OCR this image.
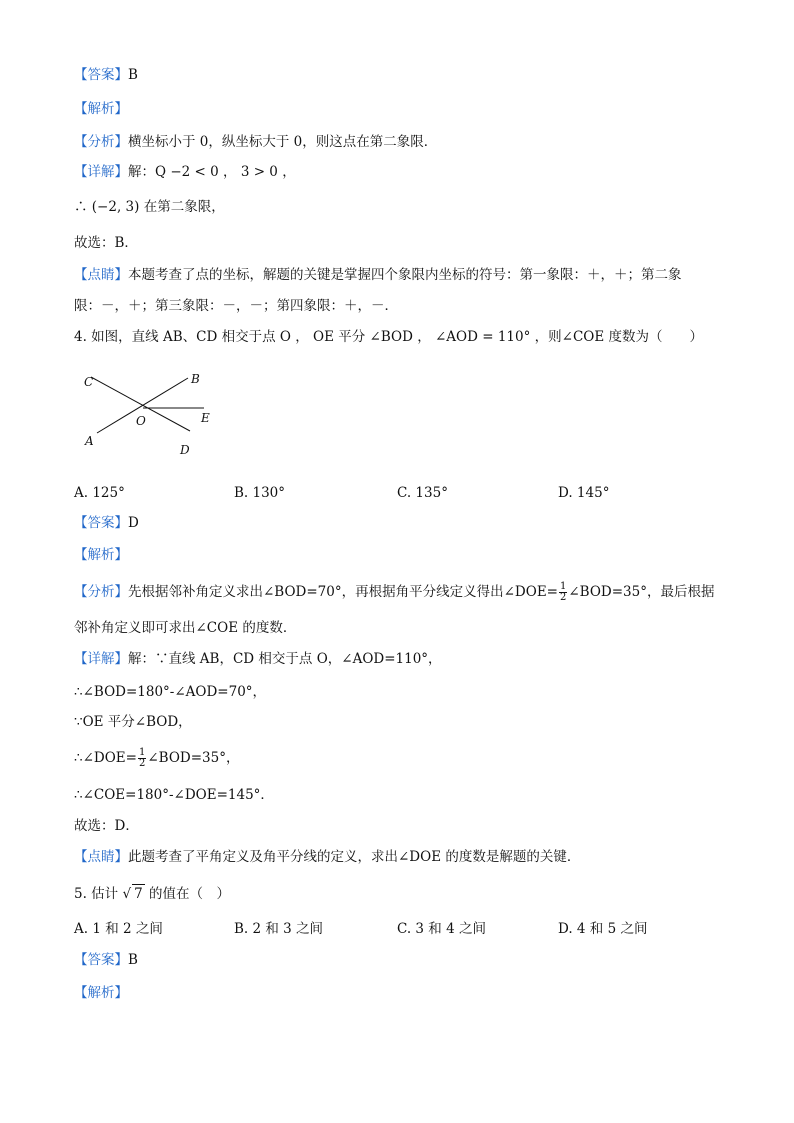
【答案】B
【解析】
【分析】横坐标小于 0，纵坐标大于 0，则这点在第二象限．
【详解】解：Q −2 < 0 ， 3 > 0 ，
∴ (−2, 3) 在第二象限，
故选：B．
【点睛】本题考查了点的坐标，解题的关键是掌握四个象限内坐标的符号：第一象限：＋，＋；第二象
限：－，＋；第三象限：－，－；第四象限：＋，－．
4. 如图，直线 AB、CD 相交于点 O ， OE 平分 ∠BOD ， ∠AOD = 110° ，则∠COE 度数为（　　）
C	B
O	E
A
D
A. 125°	B. 130°	C. 135°	D. 145°
【答案】D
【解析】
【分析】先根据邻补角定义求出∠BOD=70°，再根据角平分线定义得出∠DOE= $\frac{1}{2}$ ∠BOD=35°，最后根据
邻补角定义即可求出∠COE 的度数．
【详解】解：∵直线 AB，CD 相交于点 O，∠AOD=110°，
∴∠BOD=180°-∠AOD=70°，
∵OE 平分∠BOD，
∴∠DOE= $\frac{1}{2}$ ∠BOD=35°，
∴∠COE=180°-∠DOE=145°．
故选：D．
【点睛】此题考查了平角定义及角平分线的定义，求出∠DOE 的度数是解题的关键．
5. 估计 √ 7 的值在（　）
A. 1 和 2 之间	B. 2 和 3 之间	C. 3 和 4 之间	D. 4 和 5 之间
【答案】B
【解析】
